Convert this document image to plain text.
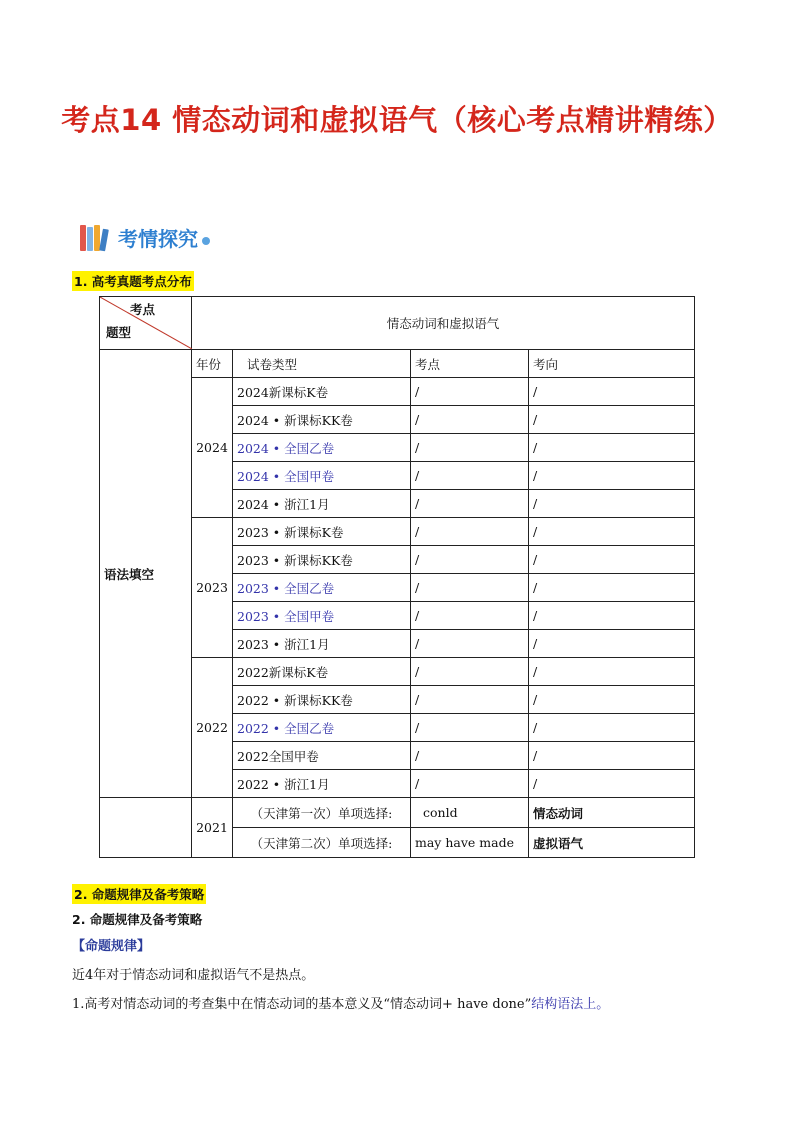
考点14 情态动词和虚拟语气（核心考点精讲精练）
考情探究
1. 高考真题考点分布
考点
题型	情态动词和虚拟语气			
语法填空	年份	试卷类型	考点	考向
	2024	2024新课标K卷	/	/
		2024 • 新课标KK卷	/	/
		2024 • 全国乙卷	/	/
		2024 • 全国甲卷	/	/
		2024 • 浙江1月	/	/
	2023	2023 • 新课标K卷	/	/
		2023 • 新课标KK卷	/	/
		2023 • 全国乙卷	/	/
		2023 • 全国甲卷	/	/
		2023 • 浙江1月	/	/
	2022	2022新课标K卷	/	/
		2022 • 新课标KK卷	/	/
		2022 • 全国乙卷	/	/
		2022全国甲卷	/	/
		2022 • 浙江1月	/	/
	2021	（天津第一次）单项选择:	conld	情态动词
		（天津第二次）单项选择:	may have made	虚拟语气
2. 命题规律及备考策略
2. 命题规律及备考策略
【命题规律】
近4年对于情态动词和虚拟语气不是热点。
1.高考对情态动词的考查集中在情态动词的基本意义及“情态动词+ have done”结构语法上。
